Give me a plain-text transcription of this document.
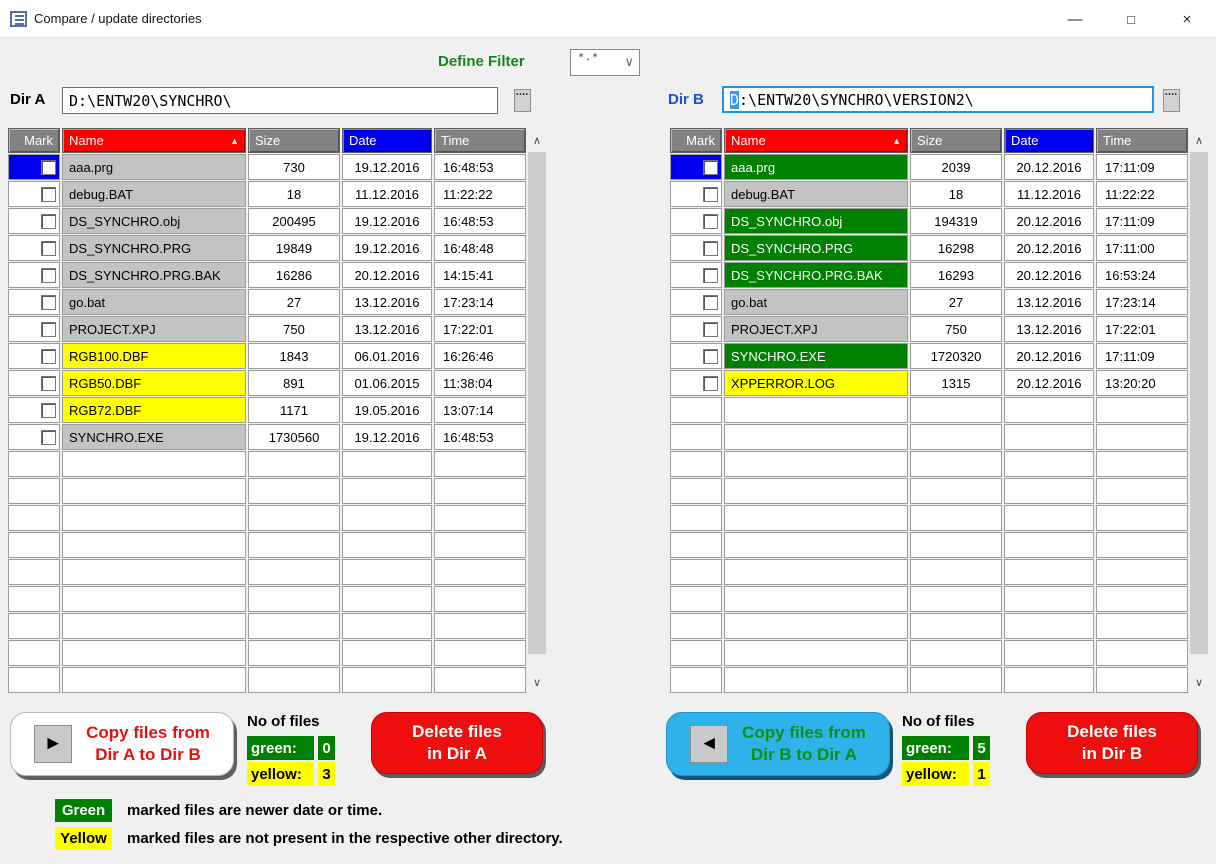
Compare / update directories	—	□	×
Define Filter	*.* ∨
Dir A D:\ENTW20\SYNCHRO\	••••	Dir B D :\ENTW20\SYNCHRO\VERSION2\	••••
Mark Name	▲ Size	Date	Time
aaa.prg	730	19.12.2016	16:48:53
debug.BAT	18	11.12.2016	11:22:22
DS_SYNCHRO.obj	200495	19.12.2016	16:48:53
DS_SYNCHRO.PRG	19849	19.12.2016	16:48:48
DS_SYNCHRO.PRG.BAK	16286	20.12.2016	14:15:41
go.bat	27	13.12.2016	17:23:14
PROJECT.XPJ	750	13.12.2016	17:22:01
RGB100.DBF	1843	06.01.2016	16:26:46
RGB50.DBF	891	01.06.2015	11:38:04
RGB72.DBF	1171	19.05.2016	13:07:14
SYNCHRO.EXE	1730560	19.12.2016	16:48:53
Mark Name	▲ Size	Date	Time
aaa.prg	2039	20.12.2016	17:11:09
debug.BAT	18	11.12.2016	11:22:22
DS_SYNCHRO.obj	194319	20.12.2016	17:11:09
DS_SYNCHRO.PRG	16298	20.12.2016	17:11:00
DS_SYNCHRO.PRG.BAK	16293	20.12.2016	16:53:24
go.bat	27	13.12.2016	17:23:14
PROJECT.XPJ	750	13.12.2016	17:22:01
SYNCHRO.EXE	1720320	20.12.2016	17:11:09
XPPERROR.LOG	1315	20.12.2016	13:20:20
∧
∨
∧
∨
►
Copy files from
Dir A to Dir B
No of files
green:	0
yellow:	3
Delete files
in Dir A	◄
Copy files from
Dir B to Dir A
No of files
green:	5
yellow:	1
Delete files
in Dir B
Green	marked files are newer date or time.
Yellow	marked files are not present in the respective other directory.
